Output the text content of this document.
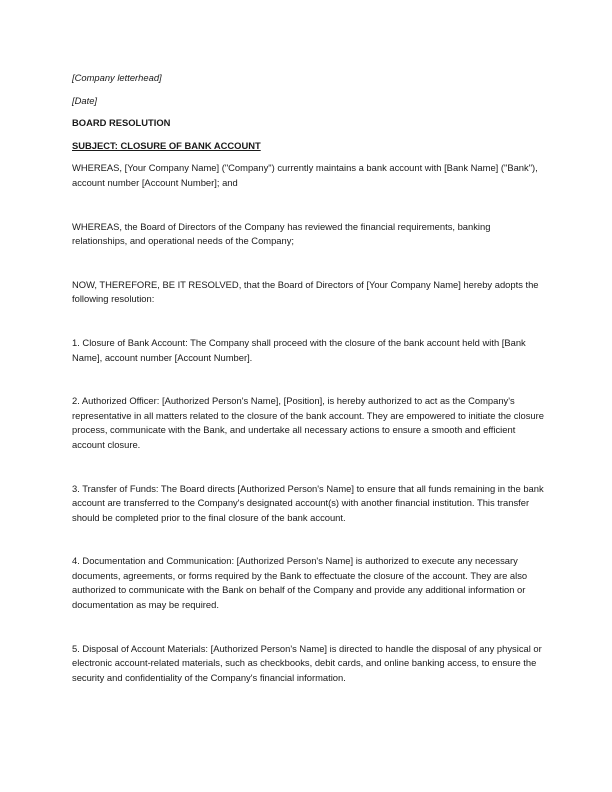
[Company letterhead]

[Date]

BOARD RESOLUTION

SUBJECT: CLOSURE OF BANK ACCOUNT

WHEREAS, [Your Company Name] ("Company") currently maintains a bank account with [Bank Name] ("Bank"), account number [Account Number]; and

WHEREAS, the Board of Directors of the Company has reviewed the financial requirements, banking relationships, and operational needs of the Company;

NOW, THEREFORE, BE IT RESOLVED, that the Board of Directors of [Your Company Name] hereby adopts the following resolution:

1. Closure of Bank Account: The Company shall proceed with the closure of the bank account held with [Bank Name], account number [Account Number].

2. Authorized Officer: [Authorized Person's Name], [Position], is hereby authorized to act as the Company's representative in all matters related to the closure of the bank account. They are empowered to initiate the closure process, communicate with the Bank, and undertake all necessary actions to ensure a smooth and efficient account closure.

3. Transfer of Funds: The Board directs [Authorized Person's Name] to ensure that all funds remaining in the bank account are transferred to the Company's designated account(s) with another financial institution. This transfer should be completed prior to the final closure of the bank account.

4. Documentation and Communication: [Authorized Person's Name] is authorized to execute any necessary documents, agreements, or forms required by the Bank to effectuate the closure of the account. They are also authorized to communicate with the Bank on behalf of the Company and provide any additional information or documentation as may be required.

5. Disposal of Account Materials: [Authorized Person's Name] is directed to handle the disposal of any physical or electronic account-related materials, such as checkbooks, debit cards, and online banking access, to ensure the security and confidentiality of the Company's financial information.
